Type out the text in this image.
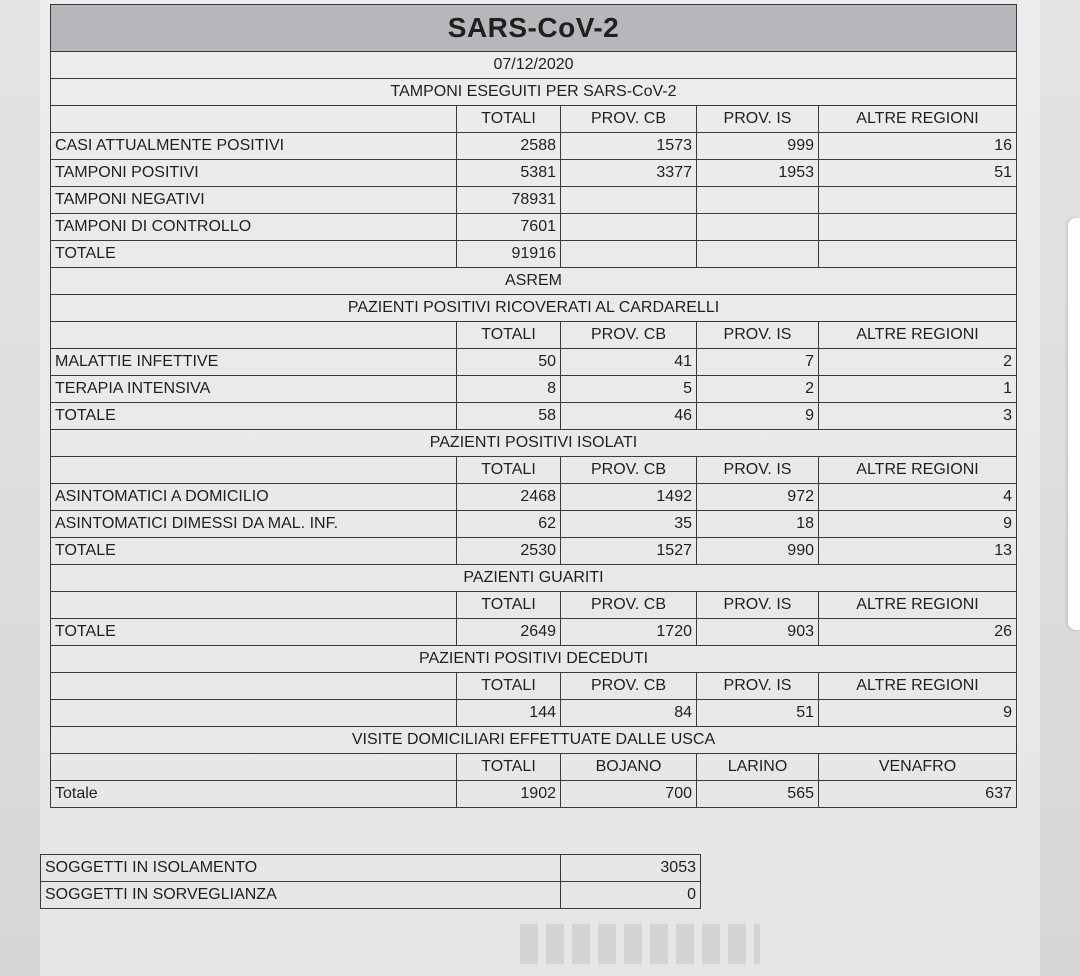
SARS-CoV-2				
07/12/2020				
TAMPONI ESEGUITI PER SARS-CoV-2				
	TOTALI	PROV. CB	PROV. IS	ALTRE REGIONI
CASI ATTUALMENTE POSITIVI	2588	1573	999	16
TAMPONI POSITIVI	5381	3377	1953	51
TAMPONI NEGATIVI	78931			
TAMPONI DI CONTROLLO	7601			
TOTALE	91916			
ASREM				
PAZIENTI POSITIVI RICOVERATI AL CARDARELLI				
	TOTALI	PROV. CB	PROV. IS	ALTRE REGIONI
MALATTIE INFETTIVE	50	41	7	2
TERAPIA INTENSIVA	8	5	2	1
TOTALE	58	46	9	3
PAZIENTI POSITIVI ISOLATI				
	TOTALI	PROV. CB	PROV. IS	ALTRE REGIONI
ASINTOMATICI A DOMICILIO	2468	1492	972	4
ASINTOMATICI DIMESSI DA MAL. INF.	62	35	18	9
TOTALE	2530	1527	990	13
PAZIENTI GUARITI				
	TOTALI	PROV. CB	PROV. IS	ALTRE REGIONI
TOTALE	2649	1720	903	26
PAZIENTI POSITIVI DECEDUTI				
	TOTALI	PROV. CB	PROV. IS	ALTRE REGIONI
	144	84	51	9
VISITE DOMICILIARI EFFETTUATE DALLE USCA				
	TOTALI	BOJANO	LARINO	VENAFRO
Totale	1902	700	565	637
SOGGETTI IN ISOLAMENTO	3053
SOGGETTI IN SORVEGLIANZA	0
